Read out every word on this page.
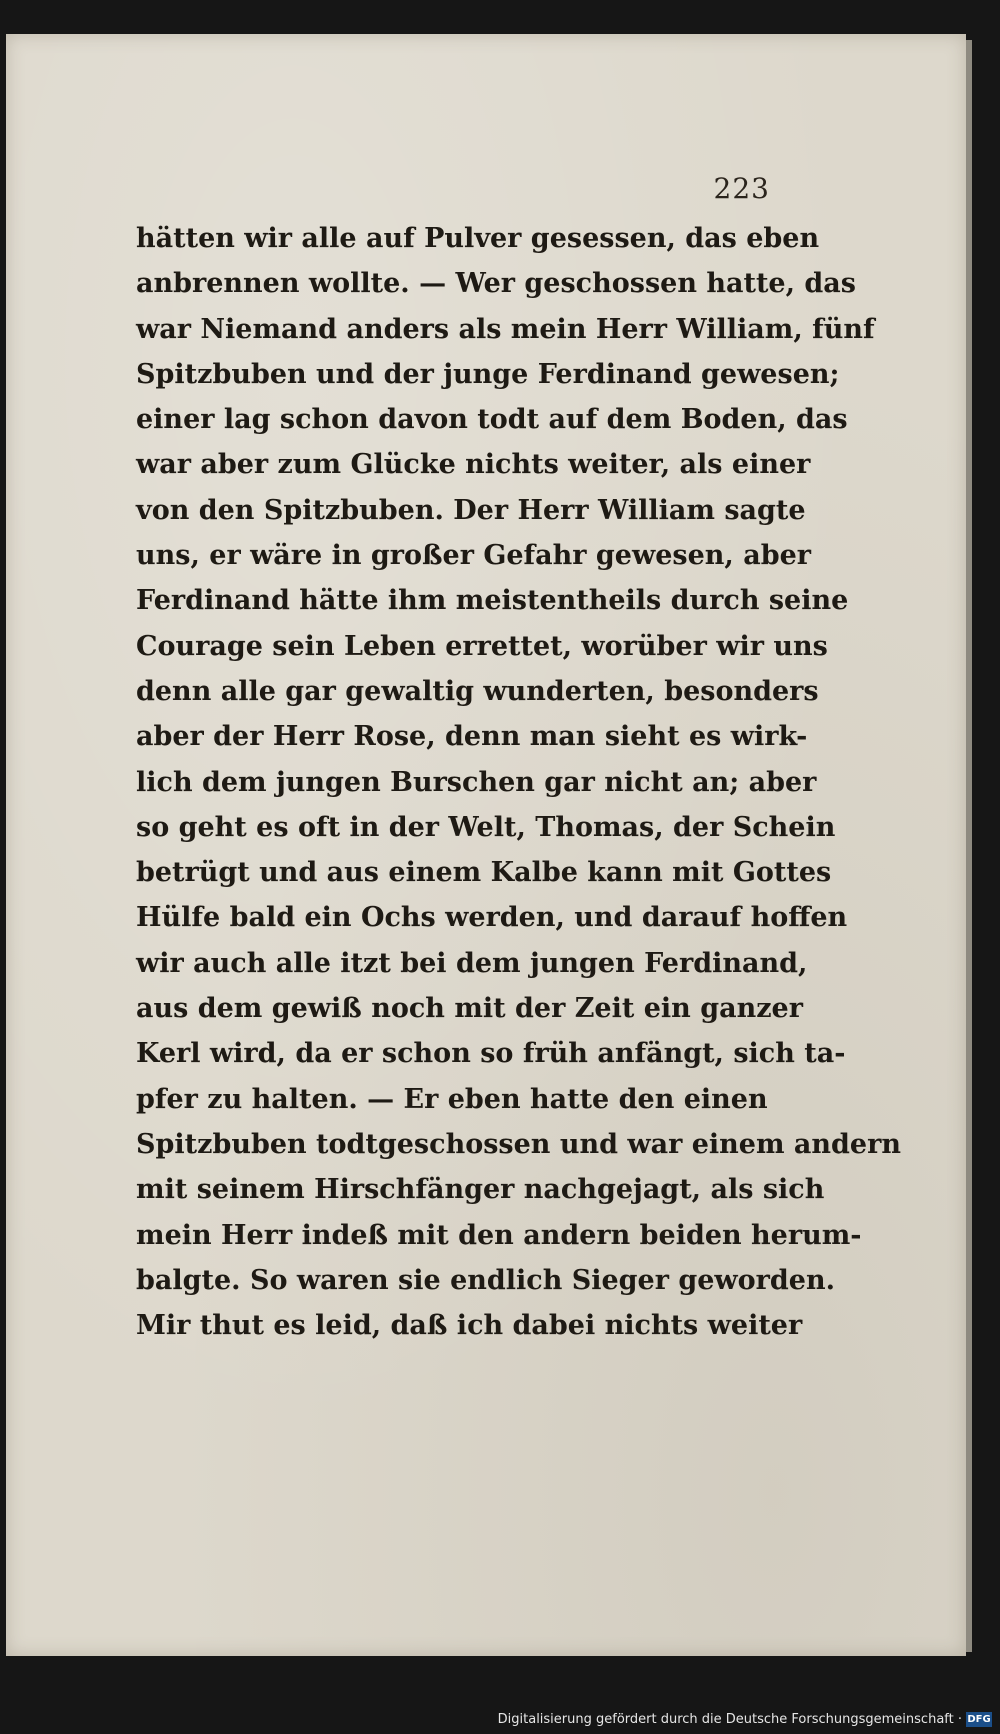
223
hätten wir alle auf Pulver gesessen, das eben
anbrennen wollte. — Wer geschossen hatte, das
war Niemand anders als mein Herr William, fünf
Spitzbuben und der junge Ferdinand gewesen;
einer lag schon davon todt auf dem Boden, das
war aber zum Glücke nichts weiter, als einer
von den Spitzbuben. Der Herr William sagte
uns, er wäre in großer Gefahr gewesen, aber
Ferdinand hätte ihm meistentheils durch seine
Courage sein Leben errettet, worüber wir uns
denn alle gar gewaltig wunderten, besonders
aber der Herr Rose, denn man sieht es wirk-
lich dem jungen Burschen gar nicht an; aber
so geht es oft in der Welt, Thomas, der Schein
betrügt und aus einem Kalbe kann mit Gottes
Hülfe bald ein Ochs werden, und darauf hoffen
wir auch alle itzt bei dem jungen Ferdinand,
aus dem gewiß noch mit der Zeit ein ganzer
Kerl wird, da er schon so früh anfängt, sich ta-
pfer zu halten. — Er eben hatte den einen
Spitzbuben todtgeschossen und war einem andern
mit seinem Hirschfänger nachgejagt, als sich
mein Herr indeß mit den andern beiden herum-
balgte. So waren sie endlich Sieger geworden.
Mir thut es leid, daß ich dabei nichts weiter
Digitalisierung gefördert durch die Deutsche Forschungsgemeinschaft · DFG
